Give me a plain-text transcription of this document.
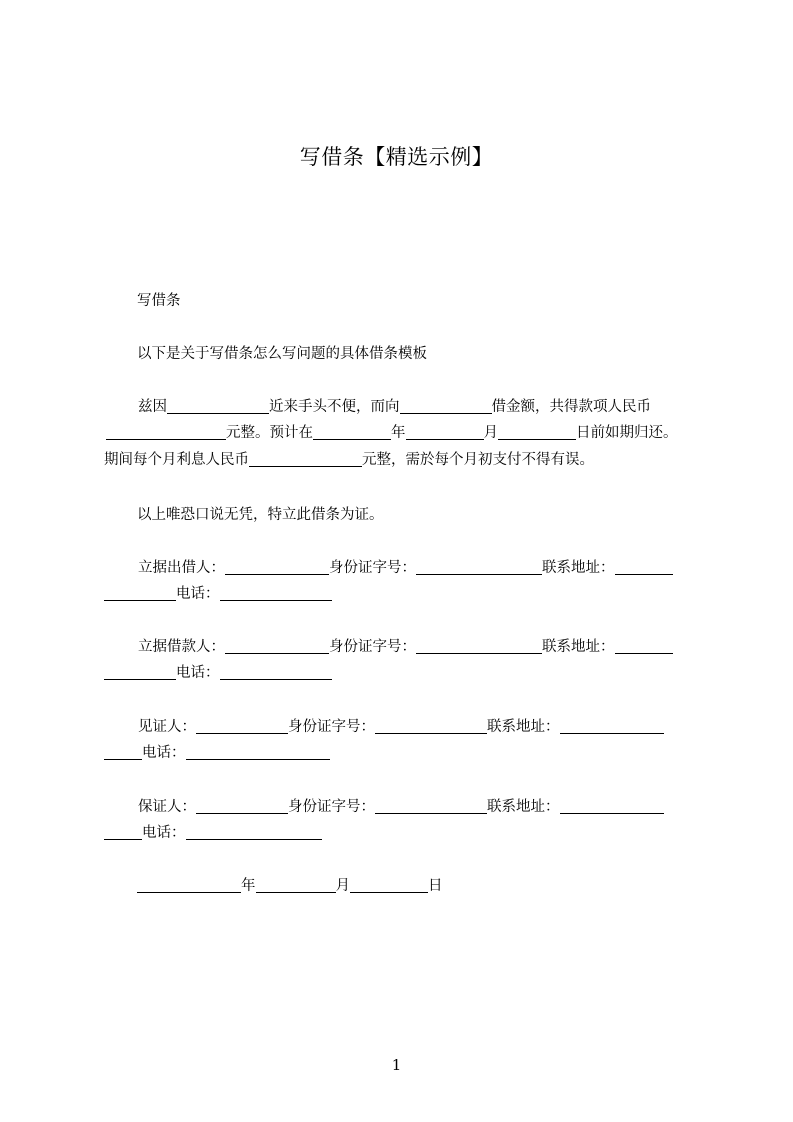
写借条【精选示例】
写借条
以下是关于写借条怎么写问题的具体借条模板
兹因	近来手头不便，而向	借金额，共得款项人民币
元整。预计在	年	月	日前如期归还。
期间每个月利息人民币	元整，需於每个月初支付不得有误。
以上唯恐口说无凭，特立此借条为证。
立据出借人：	身份证字号：	联系地址：
电话：
立据借款人：	身份证字号：	联系地址：
电话：
见证人：	身份证字号：	联系地址：
电话：
保证人：	身份证字号：	联系地址：
电话：
年	月	日
1
